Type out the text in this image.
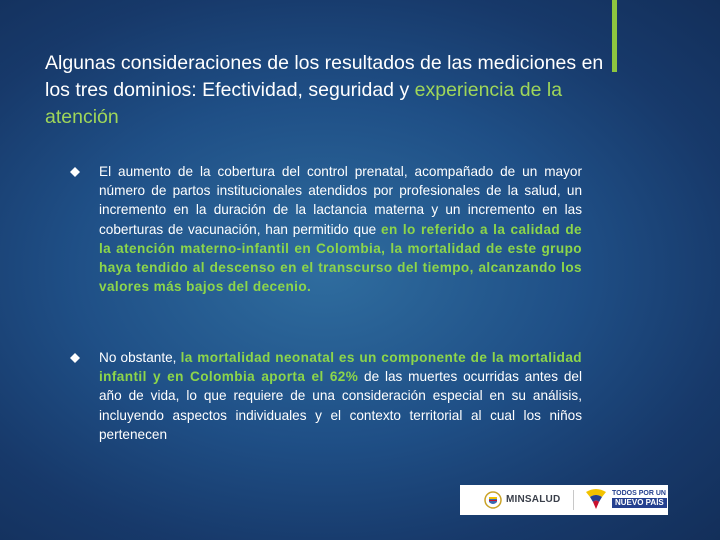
Algunas consideraciones de los resultados de las mediciones en los tres dominios: Efectividad, seguridad y experiencia de la atención

El aumento de la cobertura del control prenatal, acompañado de un mayor número de partos institucionales atendidos por profesionales de la salud, un incremento en la duración de la lactancia materna y un incremento en las coberturas de vacunación, han permitido que en lo referido a la calidad de la atención materno-infantil en Colombia, la mortalidad de este grupo haya tendido al descenso en el transcurso del tiempo, alcanzando los valores más bajos del decenio.

No obstante, la mortalidad neonatal es un componente de la mortalidad infantil y en Colombia aporta el 62% de las muertes ocurridas antes del año de vida, lo que requiere de una consideración especial en su análisis, incluyendo aspectos individuales y el contexto territorial al cual los niños pertenecen

MINSALUD
TODOS POR UN
NUEVO PAÍS
